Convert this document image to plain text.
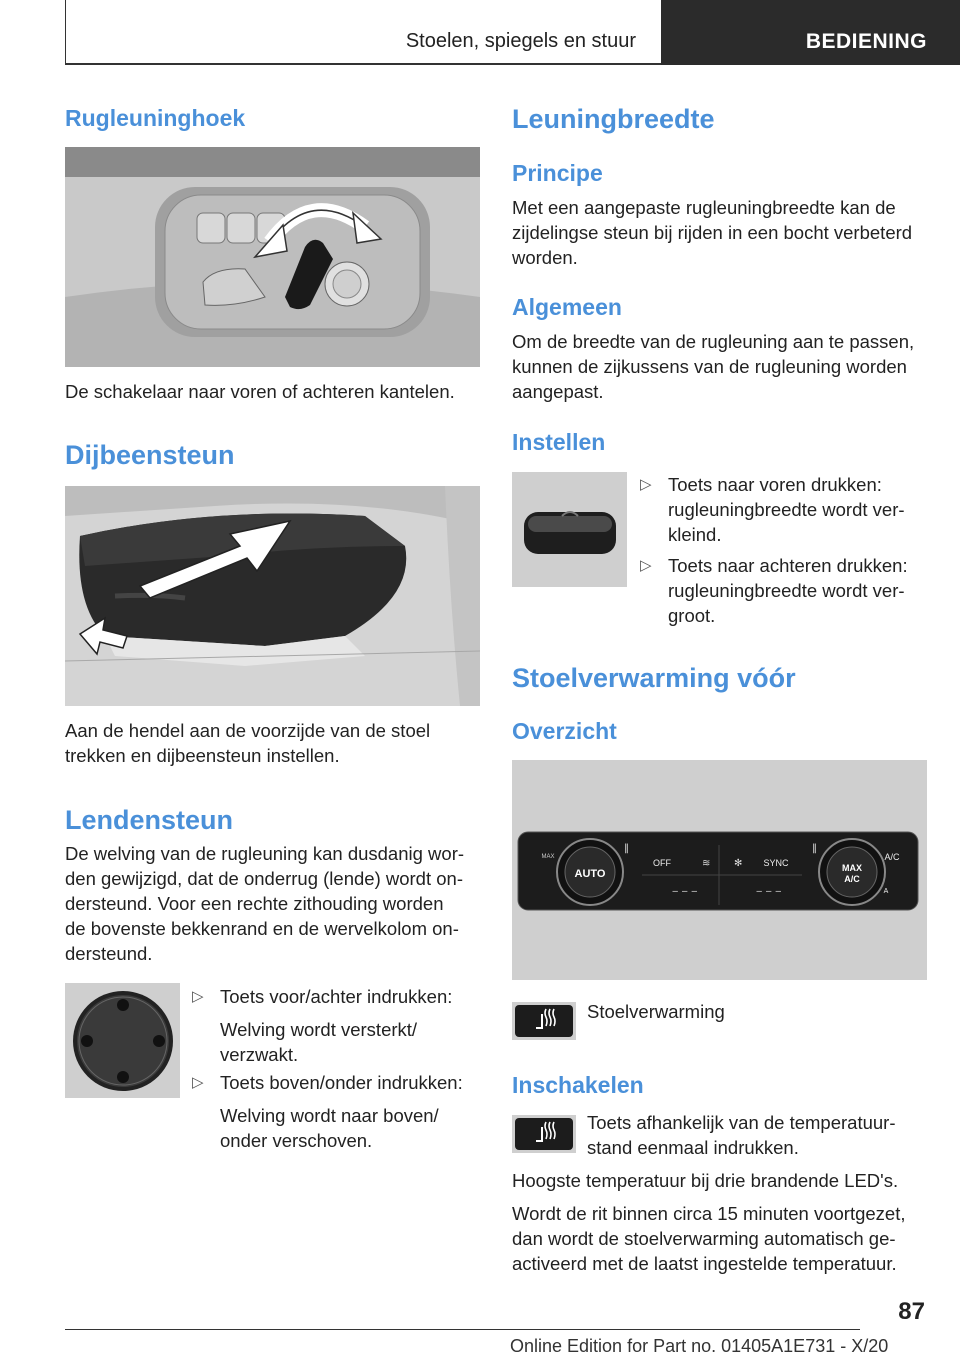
Stoelen, spiegels en stuur	BEDIENING
Rugleuninghoek

De schakelaar naar voren of achteren kantelen.

Dijbeensteun

Aan de hendel aan de voorzijde van de stoel
trekken en dijbeensteun instellen.

Lendensteun

De welving van de rugleuning kan dusdanig wor-
den gewijzigd, dat de onderrug (lende) wordt on-
dersteund. Voor een rechte zithouding worden
de bovenste bekkenrand en de wervelkolom on-
dersteund.

▷ Toets voor/achter indrukken:

Welving wordt versterkt/
verzwakt.
▷ Toets boven/onder indrukken:

Welving wordt naar boven/
onder verschoven.
Leuningbreedte
Principe

Met een aangepaste rugleuningbreedte kan de
zijdelingse steun bij rijden in een bocht verbeterd
worden.

Algemeen

Om de breedte van de rugleuning aan te passen,
kunnen de zijkussens van de rugleuning worden
aangepast.

Instellen
▷ Toets naar voren drukken:
rugleuningbreedte wordt ver-
kleind.
▷ Toets naar achteren drukken:
rugleuningbreedte wordt ver-
groot.
Stoelverwarming vóór
Overzicht
AUTO	MAX
A/C
OFF	SYNC
A/C
A
MAX
‒ ‒ ‒	‒ ‒ ‒
‖	‖
≋ ✻

Stoelverwarming

Inschakelen

Toets afhankelijk van de temperatuur-
stand eenmaal indrukken.

Hoogste temperatuur bij drie brandende LED's.

Wordt de rit binnen circa 15 minuten voortgezet,
dan wordt de stoelverwarming automatisch ge-
activeerd met de laatst ingestelde temperatuur.

87
Online Edition for Part no. 01405A1E731 - X/20
